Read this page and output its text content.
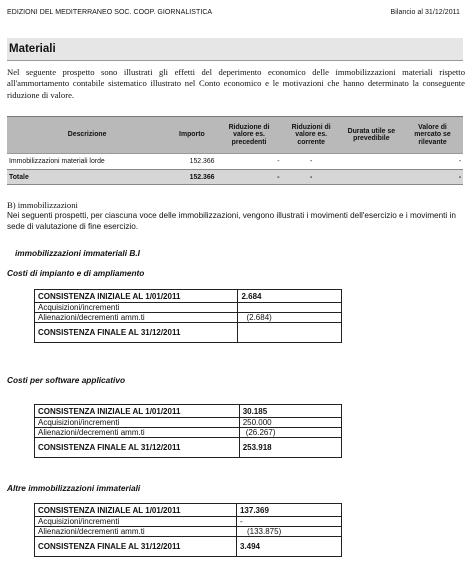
EDIZIONI DEL MEDITERRANEO SOC. COOP. GIORNALISTICA	Bilancio al 31/12/2011
Materiali
Nel seguente prospetto sono illustrati gli effetti del deperimento economico delle immobilizzazioni materiali rispetto all'ammortamento contabile sistematico illustrato nel Conto economico e le motivazioni che hanno determinato la conseguente riduzione di valore.
Descrizione	Importo	Riduzione di valore es. precedenti	Riduzioni di valore es. corrente	Durata utile se prevedibile	Valore di mercato se rilevante
Immobilizzazioni materiali lorde	152.366	-	-		-
Totale	152.366	-	-		-
B) immobilizzazioni
Nei seguenti prospetti, per ciascuna voce delle immobilizzazioni, vengono illustrati i movimenti dell'esercizio e i movimenti in sede di valutazione di fine esercizio.
immobilizzazioni immateriali B.I
Costi di impianto e di ampliamento
CONSISTENZA INIZIALE AL 1/01/2011	2.684
Acquisizioni/incrementi	
Alienazioni/decrementi amm.ti	(2.684)
CONSISTENZA FINALE AL 31/12/2011	
Costi per software applicativo
CONSISTENZA INIZIALE AL 1/01/2011	30.185
Acquisizioni/incrementi	250.000
Alienazioni/decrementi amm.ti	(26.267)
CONSISTENZA FINALE AL 31/12/2011	253.918
Altre immobilizzazioni immateriali
CONSISTENZA INIZIALE AL 1/01/2011	137.369
Acquisizioni/incrementi	-
Alienazioni/decrementi amm.ti	(133.875)
CONSISTENZA FINALE AL 31/12/2011	3.494
